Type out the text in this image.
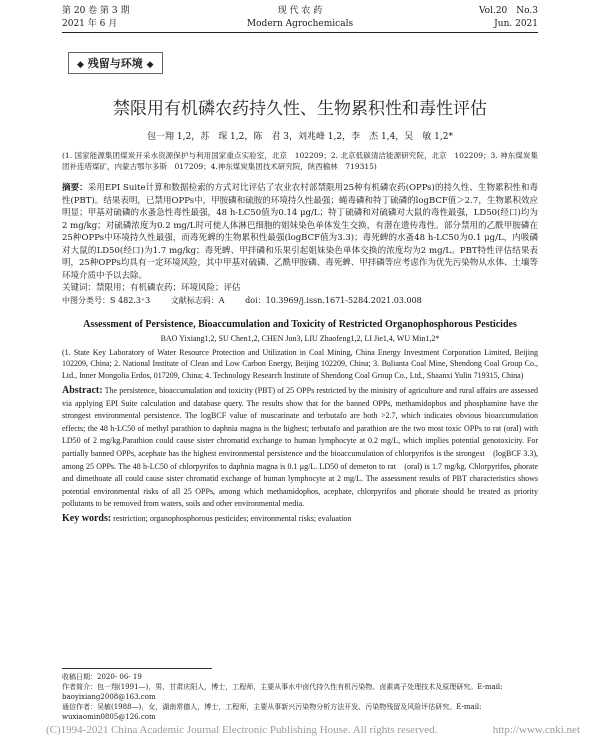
第 20 卷 第 3 期	现 代 农 药	Vol.20　No.3
2021 年 6 月	Modern Agrochemicals	Jun. 2021
◆ 残留与环境 ◆
禁限用有机磷农药持久性、生物累积性和毒性评估

包一翔 1,2，苏　琛 1,2，陈　君 3，刘兆峰 1,2，李　杰 1,4，吴　敏 1,2*

(1. 国家能源集团煤炭开采水资源保护与利用国家重点实验室，北京　102209；2. 北京低碳清洁能源研究院，北京　102209；3. 神东煤炭集团补连塔煤矿，内蒙古鄂尔多斯　017209；4.神东煤炭集团技术研究院，陕西榆林　719315)

摘要：采用EPI Suite计算和数据检索的方式对比评估了农业农村部禁限用25种有机磷农药(OPPs)的持久性、生物累积性和毒性(PBT)。结果表明，已禁用OPPs中，甲胺磷和硫胺的环境持久性最强；蝇毒磷和特丁硫磷的logBCF值＞2.7，生物累积效应明显；甲基对硫磷的水蚤急性毒性最强，48 h-LC50值为0.14 μg/L；特丁硫磷和对硫磷对大鼠的毒性最强，LD50(经口)均为2 mg/kg；对硫磷浓度为0.2 mg/L时可使人体淋巴细胞的姐妹染色单体发生交换，有潜在遗传毒性。部分禁用的乙酰甲胺磷在25种OPPs中环境持久性最强，而毒死蜱的生物累积性最强(logBCF值为3.3)；毒死蜱的水蚤48 h-LC50为0.1 μg/L，内吸磷对大鼠的LD50(经口)为1.7 mg/kg；毒死蜱、甲拌磷和乐果引起姐妹染色单体交换的浓度均为2 mg/L。PBT特性评估结果表明，25种OPPs均具有一定环境风险，其中甲基对硫磷、乙酰甲胺磷、毒死蜱、甲拌磷等应考虑作为优先污染物从水体、土壤等环境介质中予以去除。

关键词：禁限用；有机磷农药；环境风险；评估

中图分类号：S 482.3⁺3	文献标志码：A	doi：10.3969/j.issn.1671-5284.2021.03.008

Assessment of Persistence, Bioaccumulation and Toxicity of Restricted Organophosphorous Pesticides

BAO Yixiang1,2, SU Chen1,2, CHEN Jun3, LIU Zhaofeng1,2, LI Jie1,4, WU Min1,2*

(1. State Key Laboratory of Water Resource Protection and Utilization in Coal Mining, China Energy Investment Corporation Limited, Beijing 102209, China; 2. National Institute of Clean and Low Carbon Energy, Beijing 102209, China; 3. Bulianta Coal Mine, Shendong Coal Group Co., Ltd., Inner Mongolia Erdos, 017209, China; 4. Technology Research Institute of Shendong Coal Group Co., Ltd., Shaanxi Yulin 719315, China)

Abstract: The persistence, bioaccumulation and toxicity (PBT) of 25 OPPs restricted by the ministry of agriculture and rural affairs are assessed via applying EPI Suite calculation and database query. The results show that for the banned OPPs, methamidophos and phosphamine have the strongest environmental persistence. The logBCF value of muscarinate and terbutafo are both >2.7, which indicates obvious bioaccumulation effects; the 48 h-LC50 of methyl parathion to daphnia magna is the highest; terbutafo and parathion are the two most toxic OPPs to rat (oral) with LD50 of 2 mg/kg.Parathion could cause sister chromatid exchange to human lymphocyte at 0.2 mg/L, which implies potential genotoxicity. For partially banned OPPs, acephate has the highest environmental persistence and the bioaccumulation of chlorpyrifos is the strongest　(logBCF 3.3), among 25 OPPs. The 48 h-LC50 of chlorpyrifos to daphnia magna is 0.1 μg/L. LD50 of demeton to rat　(oral) is 1.7 mg/kg. Chlorpyrifos, phorate and dimethoate all could cause sister chromatid exchange of human lymphocyte at 2 mg/L. The assessment results of PBT characteristics shows potential environmental risks of all 25 OPPs, among which methamidophos, acephate, chlorpyrifos and phorate should be treated as priority pollutants to be removed from waters, soils and other environmental media.

Key words: restriction; organophosphorous pesticides; environmental risks; evaluation

收稿日期：2020- 06- 19

作者简介：包一翔(1991—)，男，甘肃庆阳人，博士，工程师，主要从事水中卤代持久性有机污染物、卤素离子处理技术及原理研究。E-mail: baoyixiang2008@163.com

通信作者：吴敏(1988—)，女，湖南常德人，博士，工程师，主要从事新兴污染物分析方法开发、污染物残留及风险评估研究。E-mail: wuxiaomin0805@126.com

(C)1994-2021 China Academic Journal Electronic Publishing House. All rights reserved.	http://www.cnki.net
